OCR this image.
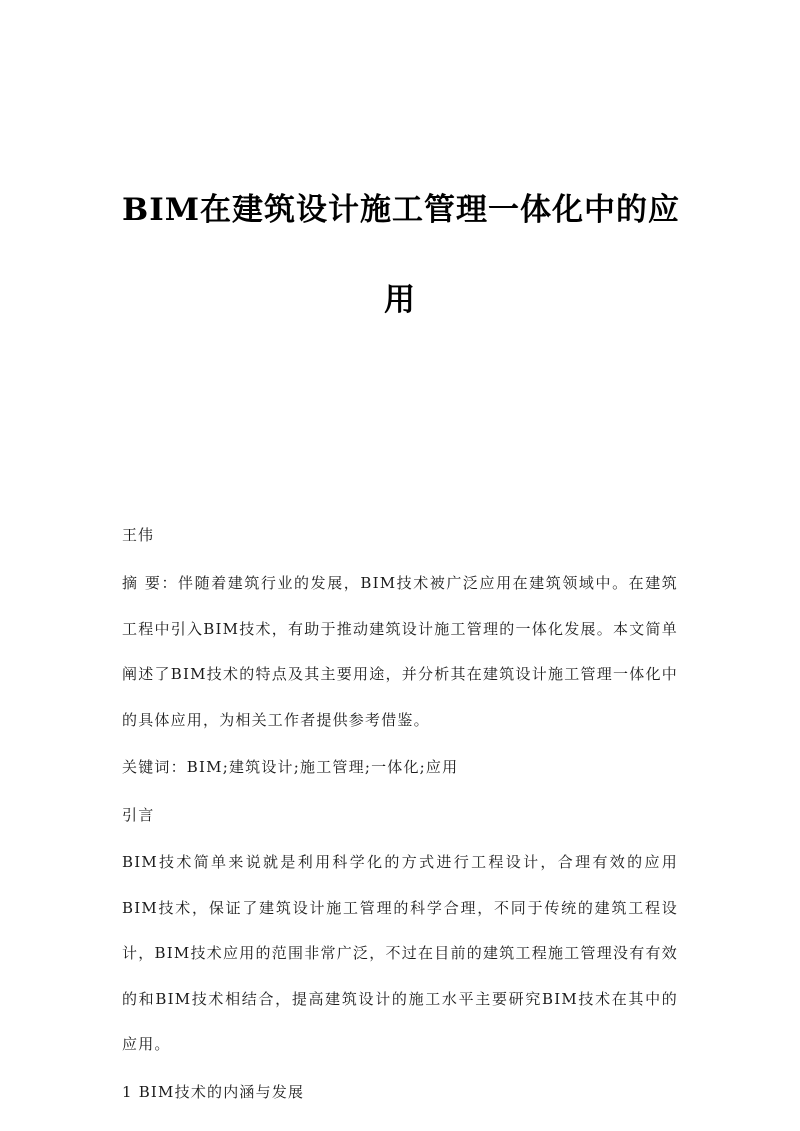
BIM在建筑设计施工管理一体化中的应
用
王伟

摘 要：伴随着建筑行业的发展，BIM技术被广泛应用在建筑领域中。在建筑工程中引入BIM技术，有助于推动建筑设计施工管理的一体化发展。本文简单阐述了BIM技术的特点及其主要用途，并分析其在建筑设计施工管理一体化中的具体应用，为相关工作者提供参考借鉴。

关键词：BIM;建筑设计;施工管理;一体化;应用

引言

BIM技术简单来说就是利用科学化的方式进行工程设计，合理有效的应用BIM技术，保证了建筑设计施工管理的科学合理，不同于传统的建筑工程设计，BIM技术应用的范围非常广泛，不过在目前的建筑工程施工管理没有有效的和BIM技术相结合，提高建筑设计的施工水平主要研究BIM技术在其中的应用。

1 BIM技术的内涵与发展
